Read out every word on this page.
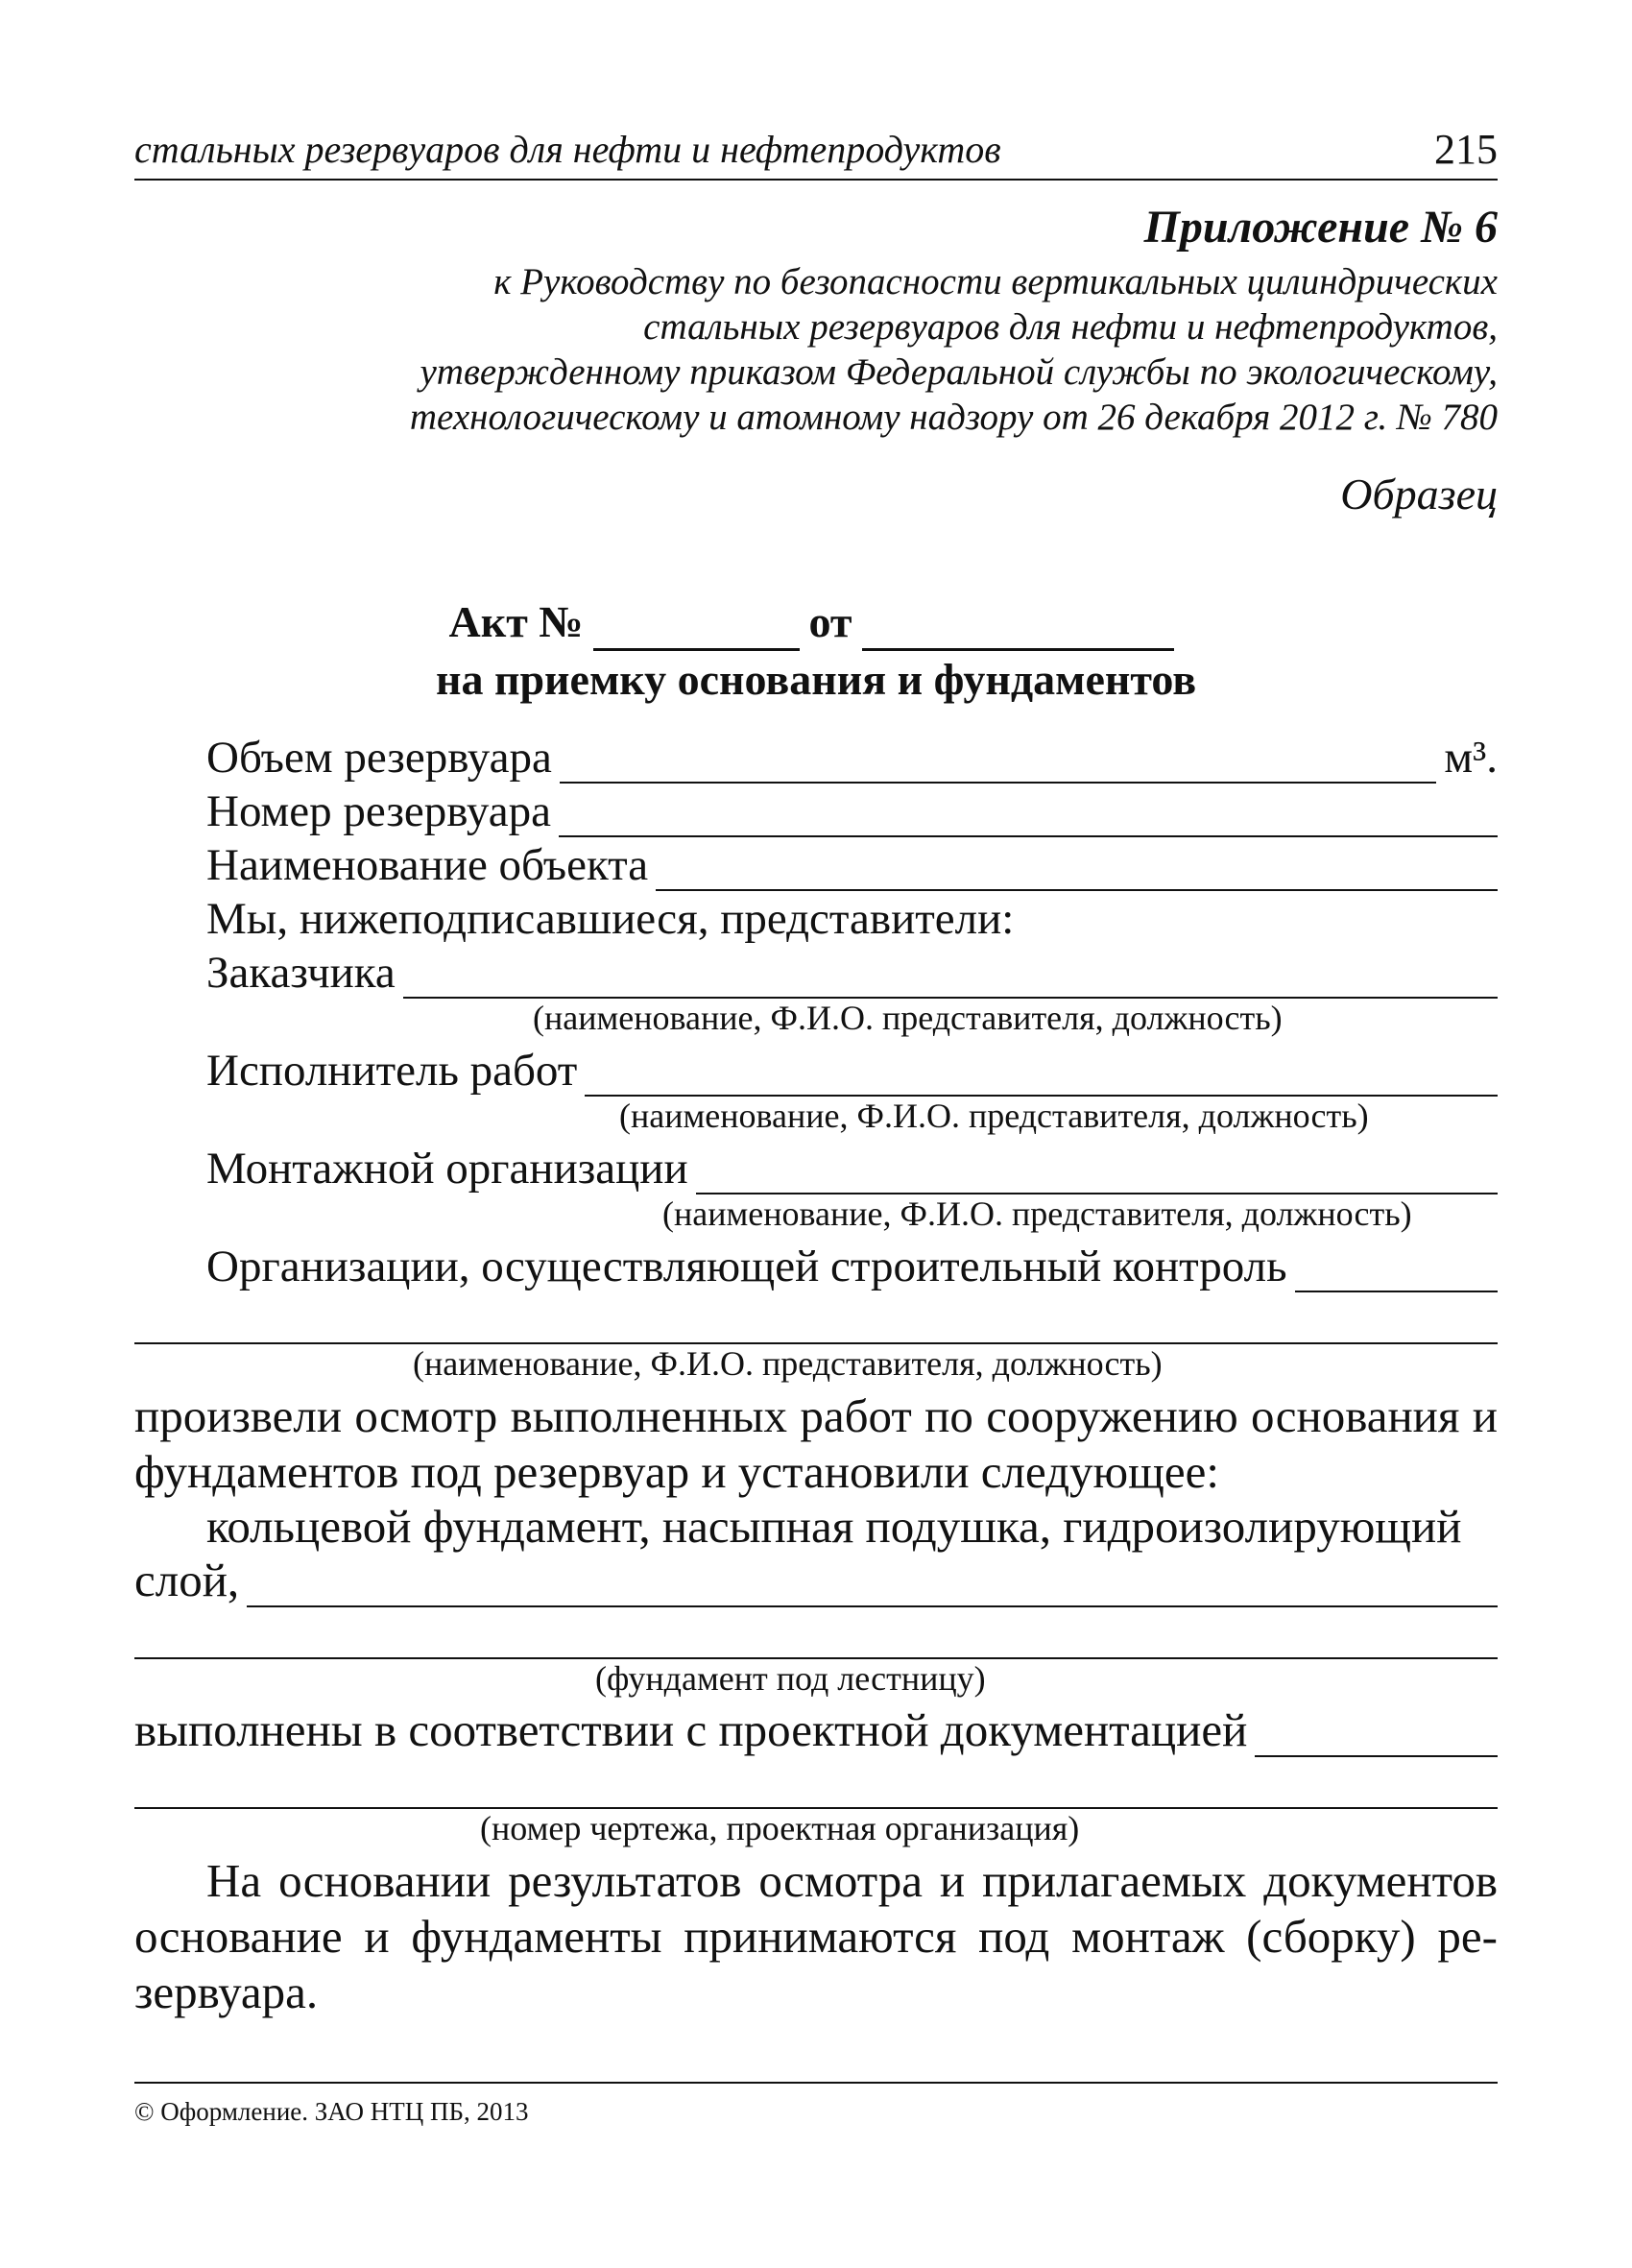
стальных резервуаров для нефти и нефтепродуктов	215
Приложение № 6
к Руководству по безопасности вертикальных цилиндрических
стальных резервуаров для нефти и нефтепродуктов,
утвержденному приказом Федеральной службы по экологическому,
технологическому и атомному надзору от 26 декабря 2012 г. № 780
Образец
Акт №	от
на приемку основания и фундаментов
Объем резервуара	м³.
Номер резервуара
Наименование объекта
Мы, нижеподписавшиеся, представители:
Заказчика
(наименование, Ф.И.О. представителя, должность)
Исполнитель работ
(наименование, Ф.И.О. представителя, должность)
Монтажной организации
(наименование, Ф.И.О. представителя, должность)
Организации, осуществляющей строительный контроль
(наименование, Ф.И.О. представителя, должность)
произвели осмотр выполненных работ по сооружению основания и фундаментов под резервуар и установили следующее:
кольцевой фундамент, насыпная подушка, гидроизолирующий
слой,
(фундамент под лестницу)
выполнены в соответствии с проектной документацией
(номер чертежа, проектная организация)
На основании результатов осмотра и прилагаемых документов основание и фундаменты принимаются под монтаж (сборку) ре-зервуара.
© Оформление. ЗАО НТЦ ПБ, 2013
